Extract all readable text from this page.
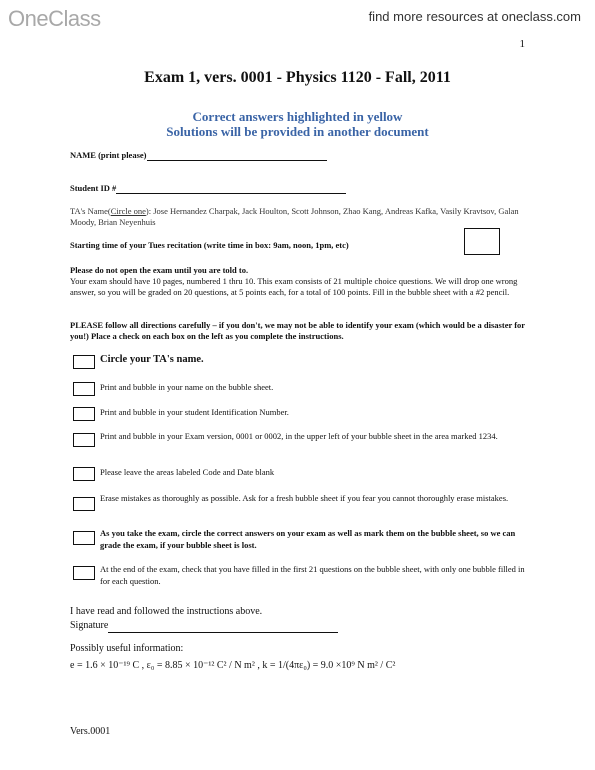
OneClass	find more resources at oneclass.com
1
Exam 1, vers. 0001 - Physics 1120 - Fall, 2011
Correct answers highlighted in yellow
Solutions will be provided in another document
NAME (print please)
Student ID #
TA's Name(Circle one): Jose Hernandez Charpak, Jack Houlton, Scott Johnson, Zhao Kang, Andreas Kafka, Vasily Kravtsov, Galan Moody, Brian Neyenhuis
Starting time of your Tues recitation (write time in box: 9am, noon, 1pm, etc)
Please do not open the exam until you are told to.
Your exam should have 10 pages, numbered 1 thru 10. This exam consists of 21 multiple choice questions. We will drop one wrong answer, so you will be graded on 20 questions, at 5 points each, for a total of 100 points. Fill in the bubble sheet with a #2 pencil.
PLEASE follow all directions carefully – if you don't, we may not be able to identify your exam (which would be a disaster for you!) Place a check on each box on the left as you complete the instructions.
Circle your TA's name.
Print and bubble in your name on the bubble sheet.
Print and bubble in your student Identification Number.
Print and bubble in your Exam version, 0001 or 0002, in the upper left of your bubble sheet in the area marked 1234.
Please leave the areas labeled Code and Date blank
Erase mistakes as thoroughly as possible. Ask for a fresh bubble sheet if you fear you cannot thoroughly erase mistakes.
As you take the exam, circle the correct answers on your exam as well as mark them on the bubble sheet, so we can grade the exam, if your bubble sheet is lost.
At the end of the exam, check that you have filled in the first 21 questions on the bubble sheet, with only one bubble filled in for each question.
I have read and followed the instructions above.
Signature
Possibly useful information:
e = 1.6 × 10⁻¹⁹ C , ε₀ = 8.85 × 10⁻¹² C² / N m² , k = 1/(4πε₀) = 9.0 ×10⁹ N m² / C²
Vers.0001
